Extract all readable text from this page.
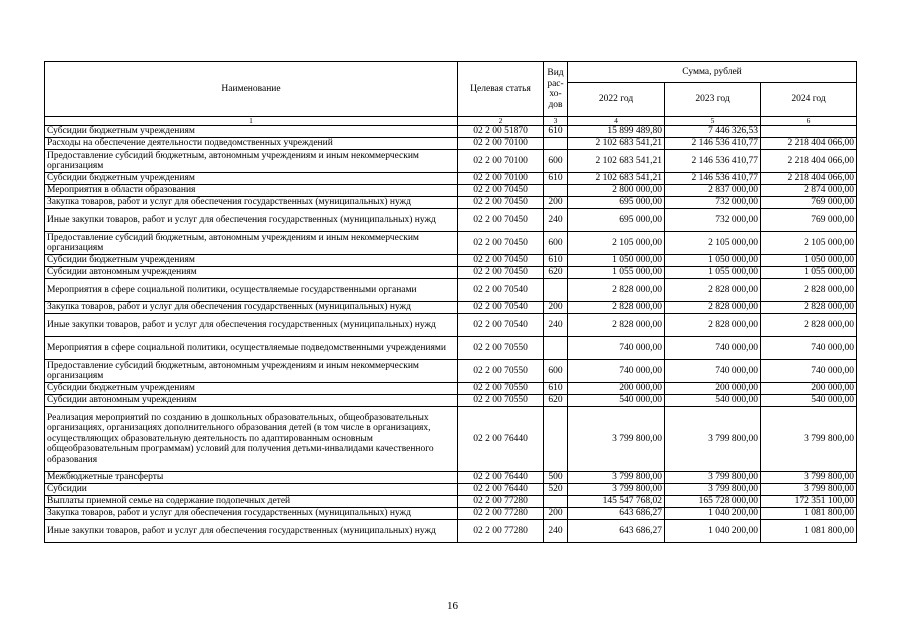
Наименование	Целевая статья	Вид рас-хо-дов	Сумма, рублей		
			2022 год	2023 год	2024 год
1	2	3	4	5	6
Субсидии бюджетным учреждениям	02 2 00 51870	610	15 899 489,80	7 446 326,53	
Расходы на обеспечение деятельности подведомственных учреждений	02 2 00 70100		2 102 683 541,21	2 146 536 410,77	2 218 404 066,00
Предоставление субсидий бюджетным, автономным учреждениям и иным некоммерческим организациям	02 2 00 70100	600	2 102 683 541,21	2 146 536 410,77	2 218 404 066,00
Субсидии бюджетным учреждениям	02 2 00 70100	610	2 102 683 541,21	2 146 536 410,77	2 218 404 066,00
Мероприятия в области образования	02 2 00 70450		2 800 000,00	2 837 000,00	2 874 000,00
Закупка товаров, работ и услуг для обеспечения государственных (муниципальных) нужд	02 2 00 70450	200	695 000,00	732 000,00	769 000,00
Иные закупки товаров, работ и услуг для обеспечения государственных (муниципальных) нужд	02 2 00 70450	240	695 000,00	732 000,00	769 000,00
Предоставление субсидий бюджетным, автономным учреждениям и иным некоммерческим организациям	02 2 00 70450	600	2 105 000,00	2 105 000,00	2 105 000,00
Субсидии бюджетным учреждениям	02 2 00 70450	610	1 050 000,00	1 050 000,00	1 050 000,00
Субсидии автономным учреждениям	02 2 00 70450	620	1 055 000,00	1 055 000,00	1 055 000,00
Мероприятия в сфере социальной политики, осуществляемые государственными органами	02 2 00 70540		2 828 000,00	2 828 000,00	2 828 000,00
Закупка товаров, работ и услуг для обеспечения государственных (муниципальных) нужд	02 2 00 70540	200	2 828 000,00	2 828 000,00	2 828 000,00
Иные закупки товаров, работ и услуг для обеспечения государственных (муниципальных) нужд	02 2 00 70540	240	2 828 000,00	2 828 000,00	2 828 000,00
Мероприятия в сфере социальной политики, осуществляемые подведомственными учреждениями	02 2 00 70550		740 000,00	740 000,00	740 000,00
Предоставление субсидий бюджетным, автономным учреждениям и иным некоммерческим организациям	02 2 00 70550	600	740 000,00	740 000,00	740 000,00
Субсидии бюджетным учреждениям	02 2 00 70550	610	200 000,00	200 000,00	200 000,00
Субсидии автономным учреждениям	02 2 00 70550	620	540 000,00	540 000,00	540 000,00
Реализация мероприятий по созданию в дошкольных образовательных, общеобразовательных организациях, организациях дополнительного образования детей (в том числе в организациях, осуществляющих образовательную деятельность по адаптированным основным общеобразовательным программам) условий для получения детьми-инвалидами качественного образования	02 2 00 76440		3 799 800,00	3 799 800,00	3 799 800,00
Межбюджетные трансферты	02 2 00 76440	500	3 799 800,00	3 799 800,00	3 799 800,00
Субсидии	02 2 00 76440	520	3 799 800,00	3 799 800,00	3 799 800,00
Выплаты приемной семье на содержание подопечных детей	02 2 00 77280		145 547 768,02	165 728 000,00	172 351 100,00
Закупка товаров, работ и услуг для обеспечения государственных (муниципальных) нужд	02 2 00 77280	200	643 686,27	1 040 200,00	1 081 800,00
Иные закупки товаров, работ и услуг для обеспечения государственных (муниципальных) нужд	02 2 00 77280	240	643 686,27	1 040 200,00	1 081 800,00
16
